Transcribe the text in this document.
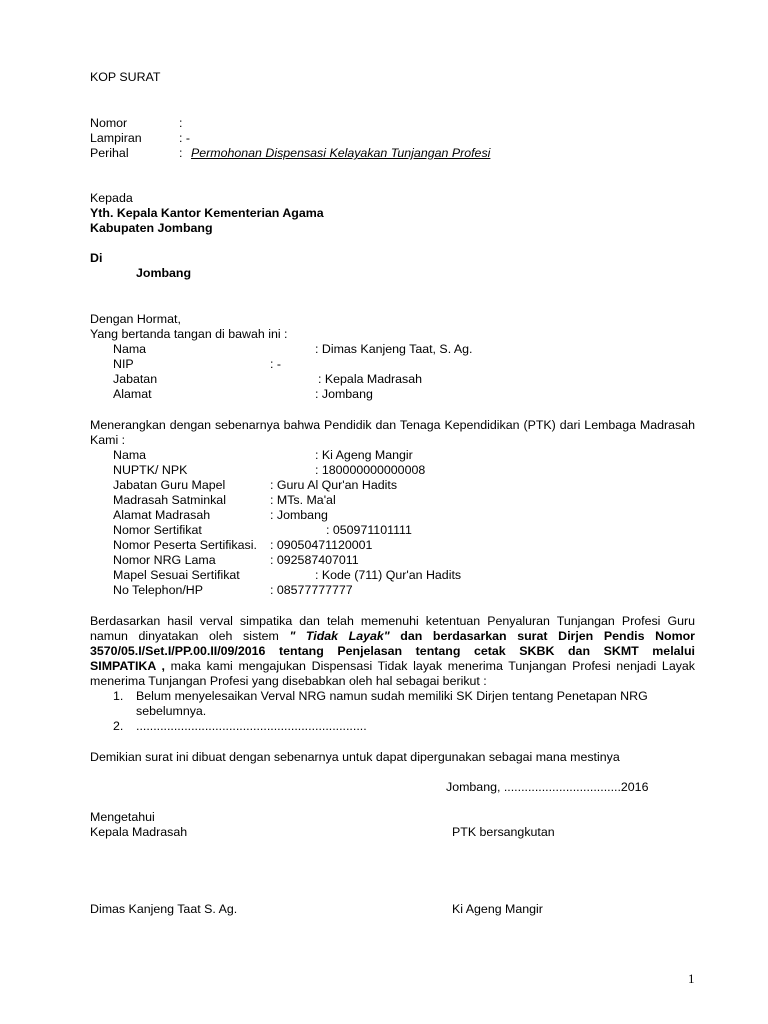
KOP SURAT
Nomor	:
Lampiran	: -
Perihal	: Permohonan Dispensasi Kelayakan Tunjangan Profesi
Kepada
Yth. Kepala Kantor Kementerian Agama
Kabupaten Jombang
Di
Jombang
Dengan Hormat,
Yang bertanda tangan di bawah ini :
Nama	: Dimas Kanjeng Taat, S. Ag.
NIP	: -
Jabatan	: Kepala Madrasah
Alamat	: Jombang
Menerangkan dengan sebenarnya bahwa Pendidik dan Tenaga Kependidikan (PTK) dari Lembaga Madrasah
Kami :
Nama	: Ki Ageng Mangir
NUPTK/ NPK	: 180000000000008
Jabatan Guru Mapel	: Guru Al Qur'an Hadits
Madrasah Satminkal	: MTs. Ma'al
Alamat Madrasah	: Jombang
Nomor Sertifikat	: 050971101111
Nomor Peserta Sertifikasi. : 09050471120001
Nomor NRG Lama	: 092587407011
Mapel Sesuai Sertifikat	: Kode (711) Qur'an Hadits
No Telephon/HP	: 08577777777
Berdasarkan hasil verval simpatika dan telah memenuhi ketentuan Penyaluran Tunjangan Profesi Guru
namun dinyatakan oleh sistem " Tidak Layak" dan berdasarkan surat Dirjen Pendis Nomor
3570/05.I/Set.I/PP.00.II/09/2016 tentang Penjelasan tentang cetak SKBK dan SKMT melalui
SIMPATIKA , maka kami mengajukan Dispensasi Tidak layak menerima Tunjangan Profesi nenjadi Layak
menerima Tunjangan Profesi yang disebabkan oleh hal sebagai berikut :
1. Belum menyelesaikan Verval NRG namun sudah memiliki SK Dirjen tentang Penetapan NRG
sebelumnya.
2. ...................................................................
Demikian surat ini dibuat dengan sebenarnya untuk dapat dipergunakan sebagai mana mestinya
Jombang, ..................................2016
Mengetahui
Kepala Madrasah	PTK bersangkutan
Dimas Kanjeng Taat S. Ag.	Ki Ageng Mangir
1
